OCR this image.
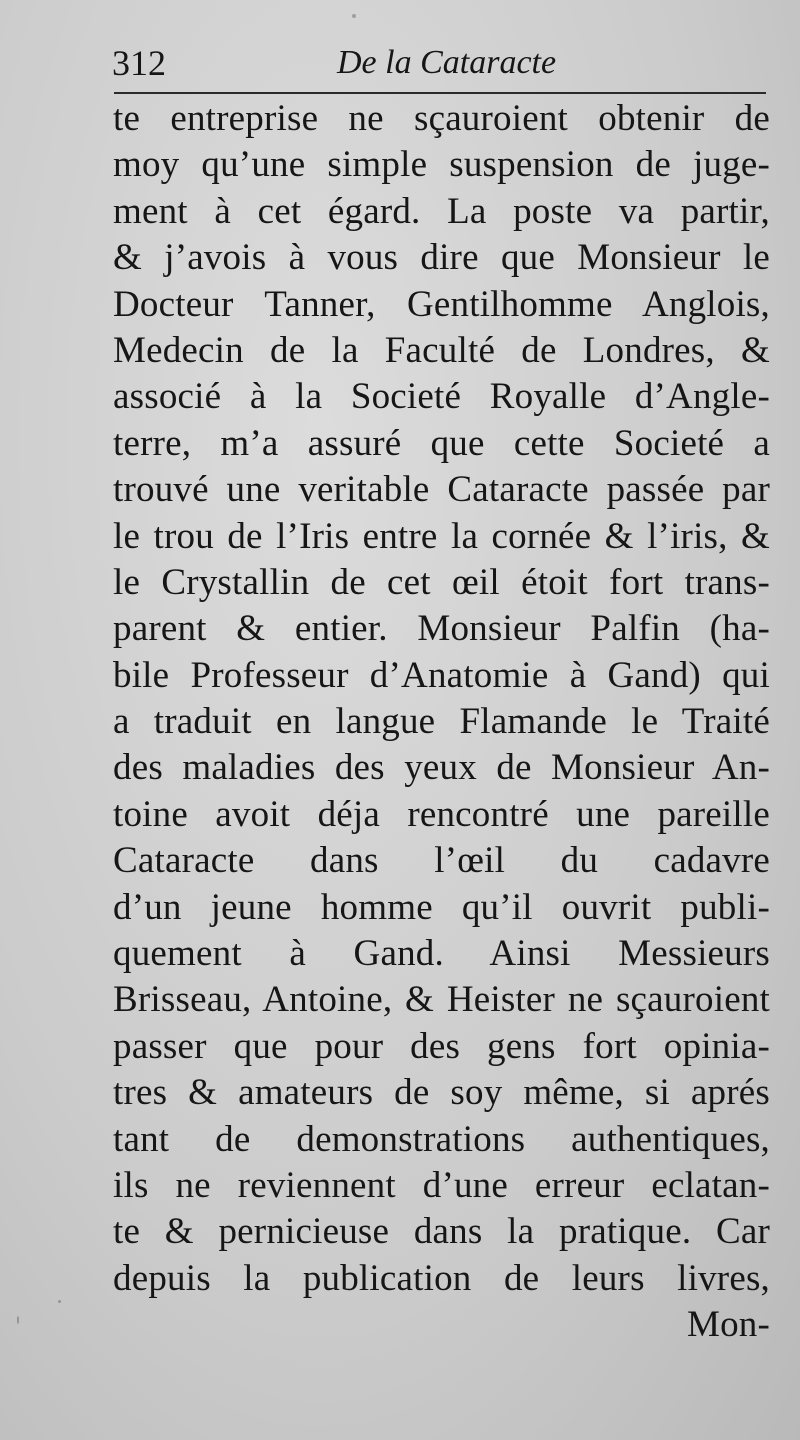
312	De la Cataracte
te entreprise ne sçauroient obtenir de
moy qu’une simple suspension de juge-
ment à cet égard. La poste va partir,
& j’avois à vous dire que Monsieur le
Docteur Tanner, Gentilhomme Anglois,
Medecin de la Faculté de Londres, &
associé à la Societé Royalle d’Angle-
terre, m’a assuré que cette Societé a
trouvé une veritable Cataracte passée par
le trou de l’Iris entre la cornée & l’iris, &
le Crystallin de cet œil étoit fort trans-
parent & entier. Monsieur Palfin (ha-
bile Professeur d’Anatomie à Gand) qui
a traduit en langue Flamande le Traité
des maladies des yeux de Monsieur An-
toine avoit déja rencontré une pareille
Cataracte dans l’œil du cadavre
d’un jeune homme qu’il ouvrit publi-
quement à Gand. Ainsi Messieurs
Brisseau, Antoine, & Heister ne sçauroient
passer que pour des gens fort opinia-
tres & amateurs de soy même, si aprés
tant de demonstrations authentiques,
ils ne reviennent d’une erreur eclatan-
te & pernicieuse dans la pratique. Car
depuis la publication de leurs livres,
Mon-
